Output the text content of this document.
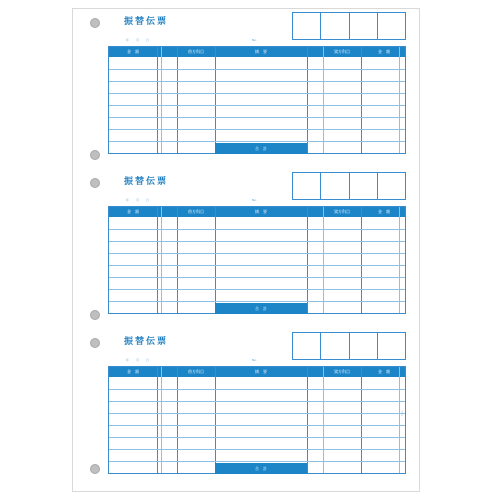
振替伝票
年 月 日	No.
金　額	借方科目	摘　要	貸方科目	金　額
合　計
振替伝票
年 月 日	No.
金　額	借方科目	摘　要	貸方科目	金　額
合　計
振替伝票
年 月 日	No.
金　額	借方科目	摘　要	貸方科目	金　額
合　計
ﾌﾘｶｴ
